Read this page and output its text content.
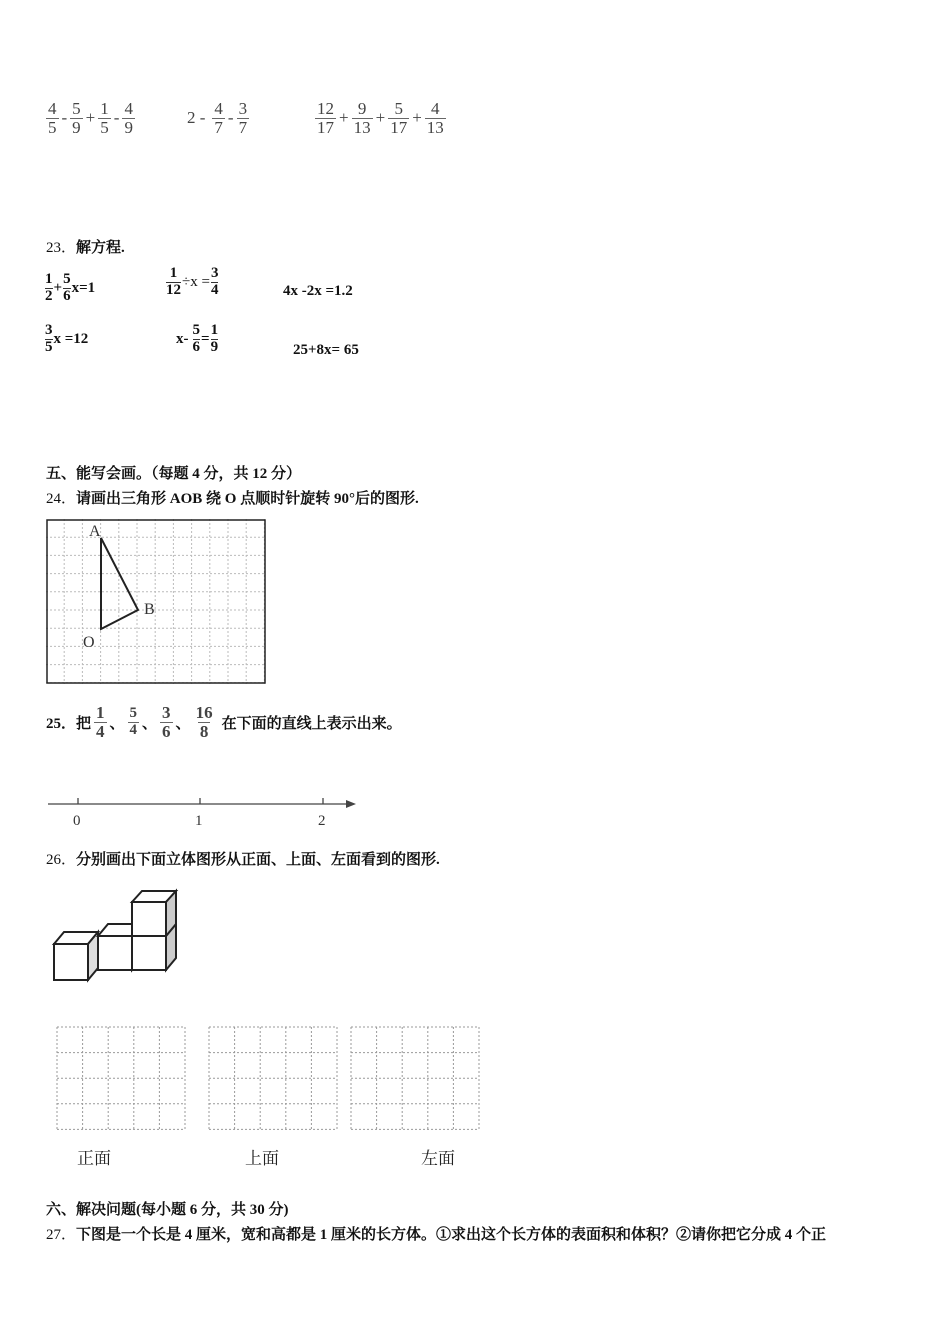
$\frac{4}{5} - \frac{5}{9} + \frac{1}{5} - \frac{4}{9}$	$2 - \frac{4}{7} - \frac{3}{7}$	$\frac{12}{17} + \frac{9}{13} + \frac{5}{17} + \frac{4}{13}$
23．解方程.
1
$2 + \frac{5}{6} x=1$	$\frac{1}{12} \div x = \frac{3}{4}$	4x -2x =1.2
3
5 x =12	$x- \frac{5}{6} = \frac{1}{9}$	25+8x= 65
五、能写会画。（每题 4 分，共 12 分）
24．请画出三角形 AOB 绕 O 点顺时针旋转 90°后的图形.
A
B
O
25．把 $\frac{1}{4}$ 、 $\frac{5}{4}$ 、 $\frac{3}{6}$ 、 $\frac{16}{8}$ 在下面的直线上表示出来。
0	1	2
26．分别画出下面立体图形从正面、上面、左面看到的图形.
正面	上面	左面
六、解决问题(每小题 6 分，共 30 分)
27．下图是一个长是 4 厘米，宽和高都是 1 厘米的长方体。①求出这个长方体的表面积和体积？②请你把它分成 4 个正
